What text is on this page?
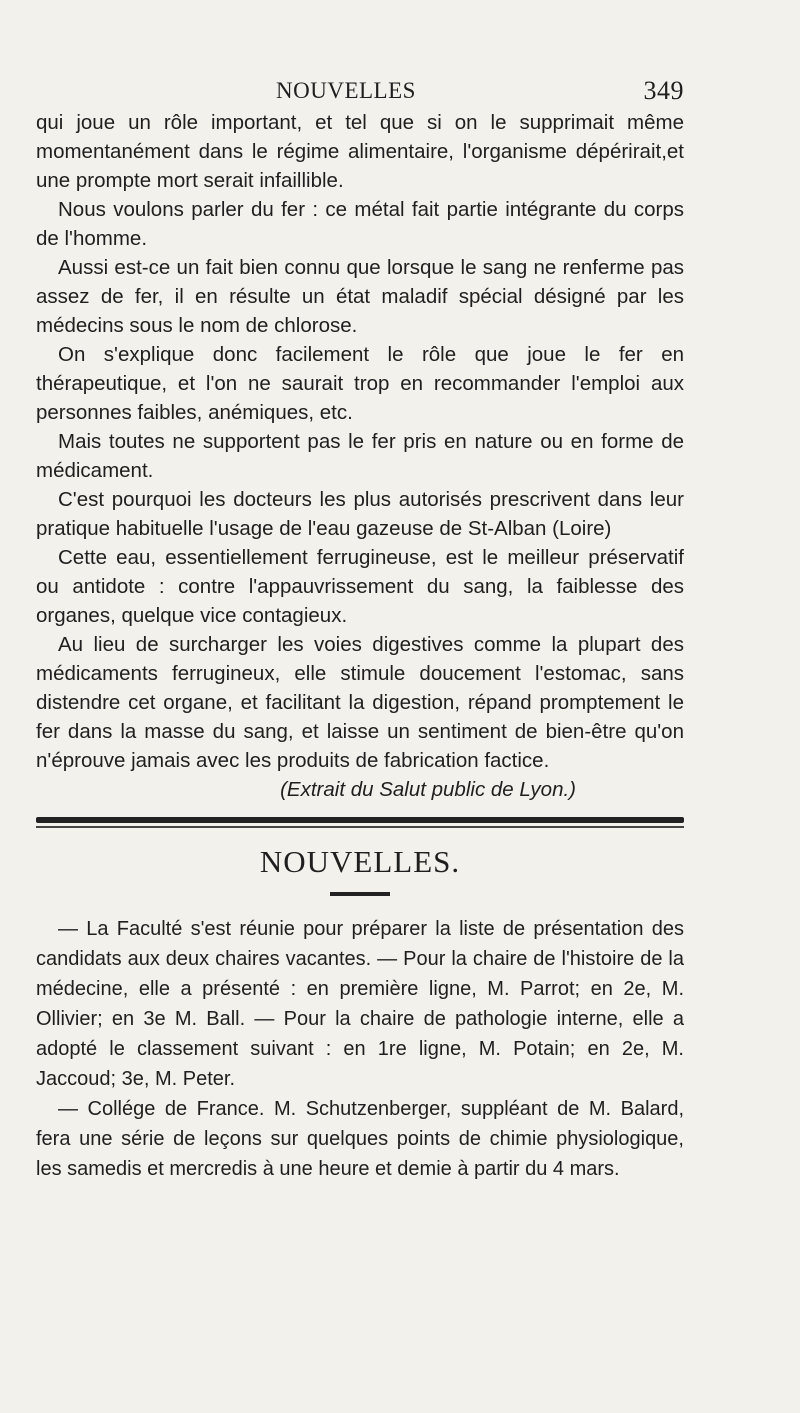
NOUVELLES	349

qui joue un rôle important, et tel que si on le supprimait même momentanément dans le régime alimentaire, l'organisme dépérirait,et une prompte mort serait infaillible.

Nous voulons parler du fer : ce métal fait partie intégrante du corps de l'homme.

Aussi est-ce un fait bien connu que lorsque le sang ne renferme pas assez de fer, il en résulte un état maladif spécial désigné par les médecins sous le nom de chlorose.

On s'explique donc facilement le rôle que joue le fer en thérapeutique, et l'on ne saurait trop en recommander l'emploi aux personnes faibles, anémiques, etc.

Mais toutes ne supportent pas le fer pris en nature ou en forme de médicament.

C'est pourquoi les docteurs les plus autorisés prescrivent dans leur pratique habituelle l'usage de l'eau gazeuse de St-Alban (Loire)

Cette eau, essentiellement ferrugineuse, est le meilleur préservatif ou antidote : contre l'appauvrissement du sang, la faiblesse des organes, quelque vice contagieux.

Au lieu de surcharger les voies digestives comme la plupart des médicaments ferrugineux, elle stimule doucement l'estomac, sans distendre cet organe, et facilitant la digestion, répand promptement le fer dans la masse du sang, et laisse un sentiment de bien-être qu'on n'éprouve jamais avec les produits de fabrication factice.

(Extrait du Salut public de Lyon.)
NOUVELLES.

— La Faculté s'est réunie pour préparer la liste de présentation des candidats aux deux chaires vacantes. — Pour la chaire de l'histoire de la médecine, elle a présenté : en première ligne, M. Parrot; en 2e, M. Ollivier; en 3e M. Ball. — Pour la chaire de pathologie interne, elle a adopté le classement suivant : en 1re ligne, M. Potain; en 2e, M. Jaccoud; 3e, M. Peter.

— Collége de France. M. Schutzenberger, suppléant de M. Balard, fera une série de leçons sur quelques points de chimie physiologique, les samedis et mercredis à une heure et demie à partir du 4 mars.
